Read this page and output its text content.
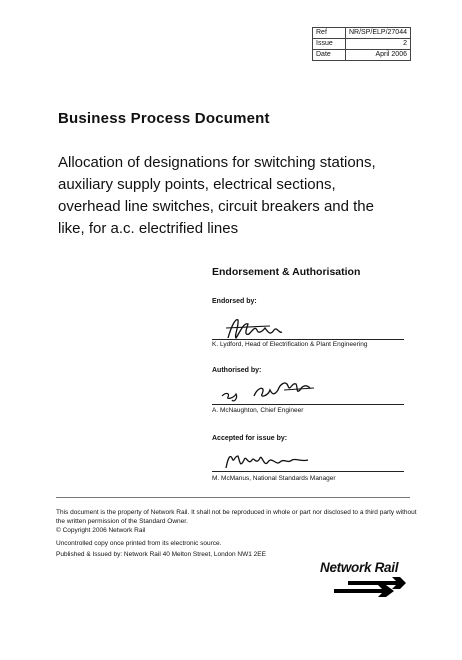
Ref	NR/SP/ELP/27044
Issue	2
Date	April 2006
Business Process Document
Allocation of designations for switching stations, auxiliary supply points, electrical sections, overhead line switches, circuit breakers and the like, for a.c. electrified lines
Endorsement & Authorisation
Endorsed by:
K. Lydford, Head of Electrification & Plant Engineering
Authorised by:
A. McNaughton, Chief Engineer
Accepted for issue by:
M. McManus, National Standards Manager
This document is the property of Network Rail. It shall not be reproduced in whole or part nor disclosed to a third party without the written permission of the Standard Owner.
© Copyright 2006 Network Rail
Uncontrolled copy once printed from its electronic source.
Published & Issued by: Network Rail 40 Melton Street, London NW1 2EE
Network Rail
